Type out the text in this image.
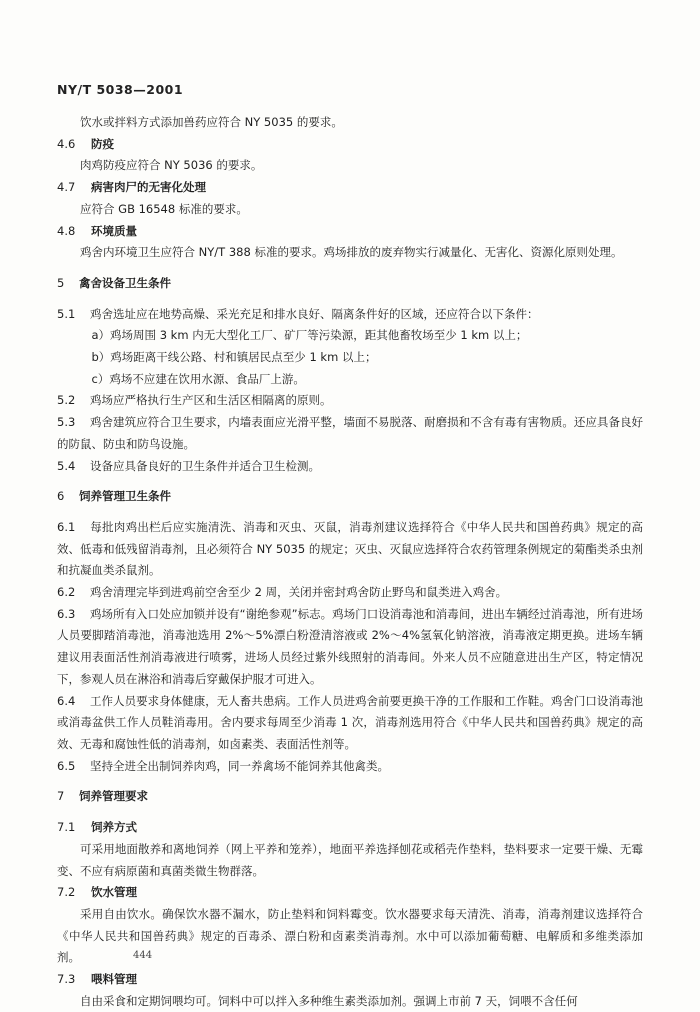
NY/T 5038—2001
饮水或拌料方式添加兽药应符合 NY 5035 的要求。
4.6 防疫
肉鸡防疫应符合 NY 5036 的要求。
4.7 病害肉尸的无害化处理
应符合 GB 16548 标准的要求。
4.8 环境质量
鸡舍内环境卫生应符合 NY/T 388 标准的要求。鸡场排放的废弃物实行减量化、无害化、资源化原则处理。
5 禽舍设备卫生条件
5.1 鸡舍选址应在地势高燥、采光充足和排水良好、隔离条件好的区域，还应符合以下条件：
a）鸡场周围 3 km 内无大型化工厂、矿厂等污染源，距其他畜牧场至少 1 km 以上；
b）鸡场距离干线公路、村和镇居民点至少 1 km 以上；
c）鸡场不应建在饮用水源、食品厂上游。
5.2 鸡场应严格执行生产区和生活区相隔离的原则。
5.3 鸡舍建筑应符合卫生要求，内墙表面应光滑平整，墙面不易脱落、耐磨损和不含有毒有害物质。还应具备良好的防鼠、防虫和防鸟设施。
5.4 设备应具备良好的卫生条件并适合卫生检测。
6 饲养管理卫生条件
6.1 每批肉鸡出栏后应实施清洗、消毒和灭虫、灭鼠，消毒剂建议选择符合《中华人民共和国兽药典》规定的高效、低毒和低残留消毒剂，且必须符合 NY 5035 的规定；灭虫、灭鼠应选择符合农药管理条例规定的菊酯类杀虫剂和抗凝血类杀鼠剂。
6.2 鸡舍清理完毕到进鸡前空舍至少 2 周，关闭并密封鸡舍防止野鸟和鼠类进入鸡舍。
6.3 鸡场所有入口处应加锁并设有“谢绝参观”标志。鸡场门口设消毒池和消毒间，进出车辆经过消毒池，所有进场人员要脚踏消毒池，消毒池选用 2%～5%漂白粉澄清溶液或 2%～4%氢氧化钠溶液，消毒液定期更换。进场车辆建议用表面活性剂消毒液进行喷雾，进场人员经过紫外线照射的消毒间。外来人员不应随意进出生产区，特定情况下，参观人员在淋浴和消毒后穿戴保护服才可进入。
6.4 工作人员要求身体健康，无人畜共患病。工作人员进鸡舍前要更换干净的工作服和工作鞋。鸡舍门口设消毒池或消毒盆供工作人员鞋消毒用。舍内要求每周至少消毒 1 次，消毒剂选用符合《中华人民共和国兽药典》规定的高效、无毒和腐蚀性低的消毒剂，如卤素类、表面活性剂等。
6.5 坚持全进全出制饲养肉鸡，同一养禽场不能饲养其他禽类。
7 饲养管理要求
7.1 饲养方式
可采用地面散养和离地饲养（网上平养和笼养），地面平养选择刨花或稻壳作垫料，垫料要求一定要干燥、无霉变、不应有病原菌和真菌类微生物群落。
7.2 饮水管理
采用自由饮水。确保饮水器不漏水，防止垫料和饲料霉变。饮水器要求每天清洗、消毒，消毒剂建议选择符合《中华人民共和国兽药典》规定的百毒杀、漂白粉和卤素类消毒剂。水中可以添加葡萄糖、电解质和多维类添加剂。
7.3 喂料管理
自由采食和定期饲喂均可。饲料中可以拌入多种维生素类添加剂。强调上市前 7 天，饲喂不含任何
444
